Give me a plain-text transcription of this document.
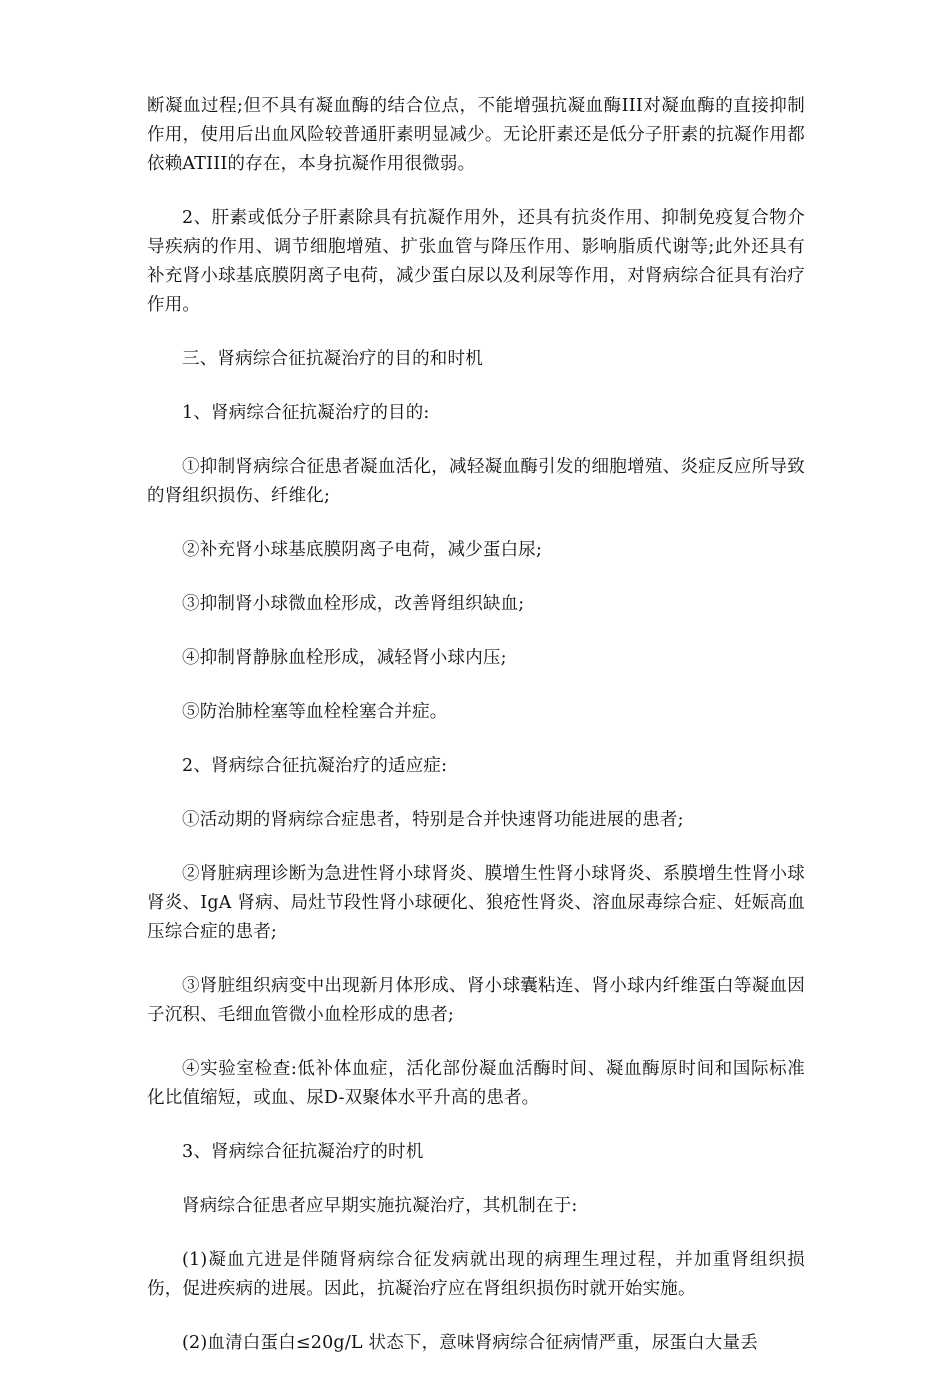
断凝血过程;但不具有凝血酶的结合位点，不能增强抗凝血酶III对凝血酶的直接抑制作用，使用后出血风险较普通肝素明显减少。无论肝素还是低分子肝素的抗凝作用都依赖ATIII的存在，本身抗凝作用很微弱。

2、肝素或低分子肝素除具有抗凝作用外，还具有抗炎作用、抑制免疫复合物介导疾病的作用、调节细胞增殖、扩张血管与降压作用、影响脂质代谢等;此外还具有补充肾小球基底膜阴离子电荷，减少蛋白尿以及利尿等作用，对肾病综合征具有治疗作用。

三、肾病综合征抗凝治疗的目的和时机

1、肾病综合征抗凝治疗的目的:

①抑制肾病综合征患者凝血活化，减轻凝血酶引发的细胞增殖、炎症反应所导致的肾组织损伤、纤维化;

②补充肾小球基底膜阴离子电荷，减少蛋白尿;

③抑制肾小球微血栓形成，改善肾组织缺血;

④抑制肾静脉血栓形成，减轻肾小球内压;

⑤防治肺栓塞等血栓栓塞合并症。

2、肾病综合征抗凝治疗的适应症:

①活动期的肾病综合症患者，特别是合并快速肾功能进展的患者;

②肾脏病理诊断为急进性肾小球肾炎、膜增生性肾小球肾炎、系膜增生性肾小球肾炎、IgA 肾病、局灶节段性肾小球硬化、狼疮性肾炎、溶血尿毒综合症、妊娠高血压综合症的患者;

③肾脏组织病变中出现新月体形成、肾小球囊粘连、肾小球内纤维蛋白等凝血因子沉积、毛细血管微小血栓形成的患者;

④实验室检查:低补体血症，活化部份凝血活酶时间、凝血酶原时间和国际标准化比值缩短，或血、尿D-双聚体水平升高的患者。

3、肾病综合征抗凝治疗的时机

肾病综合征患者应早期实施抗凝治疗，其机制在于:

(1)凝血亢进是伴随肾病综合征发病就出现的病理生理过程，并加重肾组织损伤，促进疾病的进展。因此，抗凝治疗应在肾组织损伤时就开始实施。

(2)血清白蛋白≤20g/L 状态下，意味肾病综合征病情严重，尿蛋白大量丢
